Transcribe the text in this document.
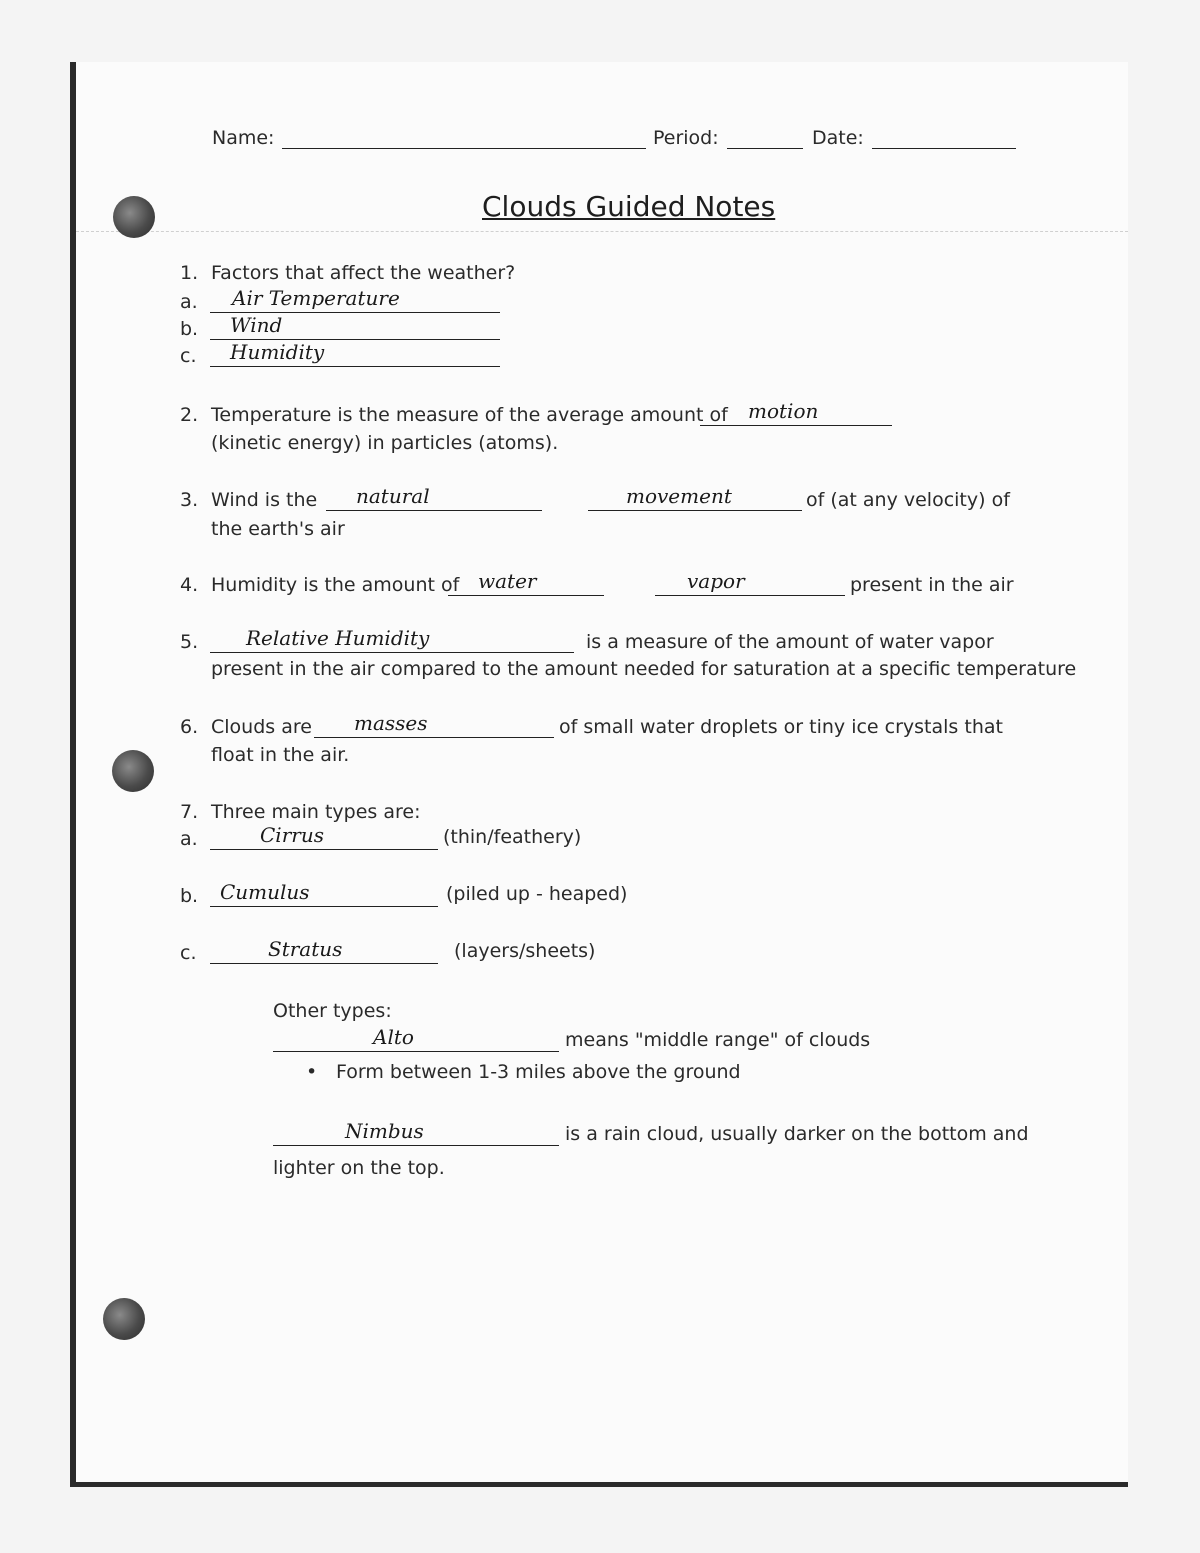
Name:	Period:	Date:
Clouds Guided Notes
1. Factors that affect the weather?
a. Air Temperature
b. Wind
c. Humidity
2. Temperature is the measure of the average amount of motion
(kinetic energy) in particles (atoms).
3. Wind is the natural	movement	of (at any velocity) of
the earth's air
4. Humidity is the amount of water	vapor	present in the air
5. Relative Humidity	is a measure of the amount of water vapor
present in the air compared to the amount needed for saturation at a specific temperature
6. Clouds are masses	of small water droplets or tiny ice crystals that
float in the air.
7. Three main types are:
a.	Cirrus	(thin/feathery)
b. Cumulus	(piled up - heaped)
c.	Stratus	(layers/sheets)
Other types:
Alto	means "middle range" of clouds
• Form between 1-3 miles above the ground
Nimbus	is a rain cloud, usually darker on the bottom and
lighter on the top.
